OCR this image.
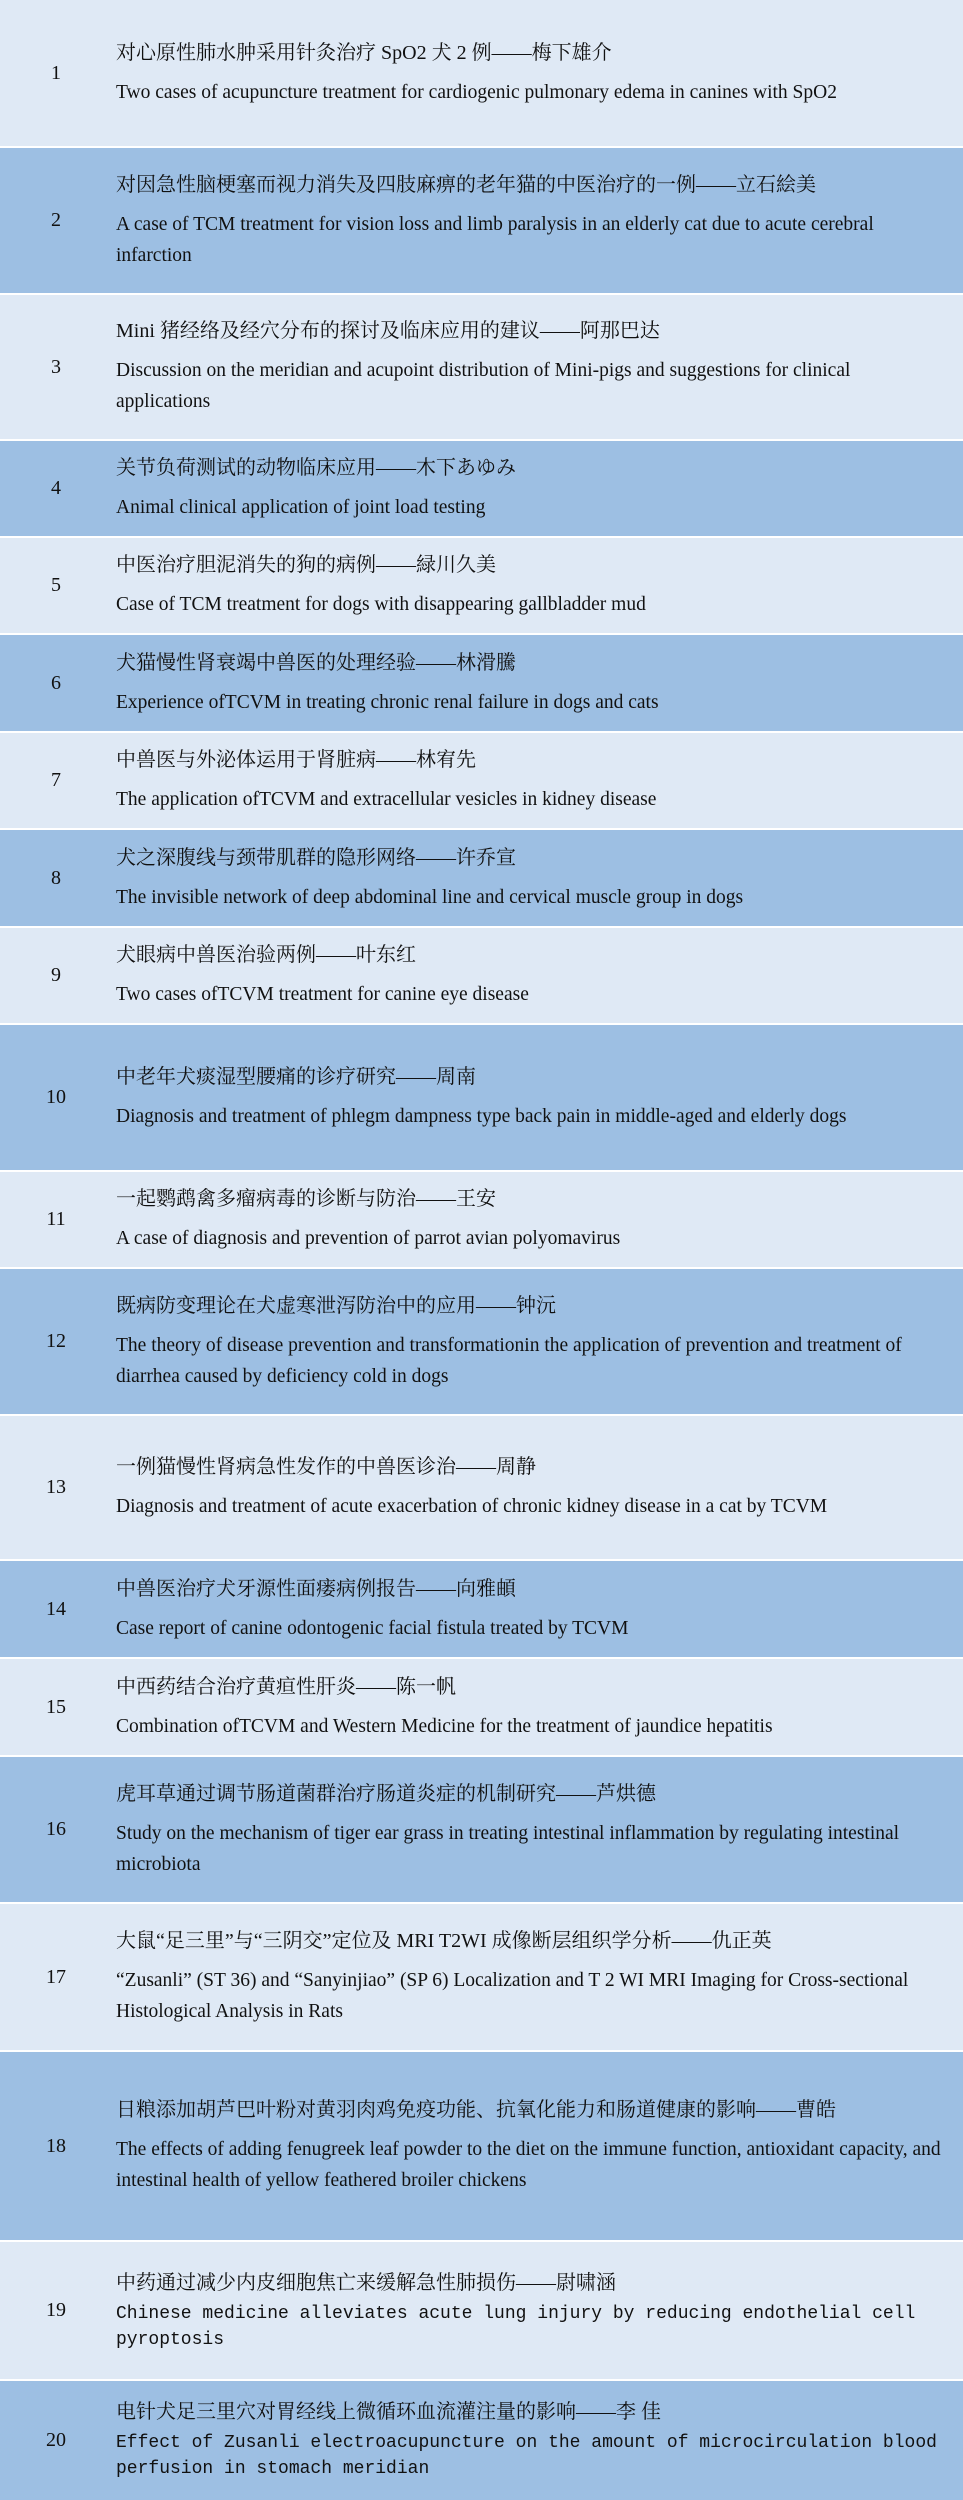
1
对心原性肺水肿采用针灸治疗 SpO2 犬 2 例——梅下雄介
Two cases of acupuncture treatment for cardiogenic pulmonary edema in canines with SpO2
2
对因急性脑梗塞而视力消失及四肢麻痹的老年猫的中医治疗的一例——立石絵美
A case of TCM treatment for vision loss and limb paralysis in an elderly cat due to acute cerebral infarction
3
Mini 猪经络及经穴分布的探讨及临床应用的建议——阿那巴达
Discussion on the meridian and acupoint distribution of Mini-pigs and suggestions for clinical applications
4
关节负荷测试的动物临床应用——木下あゆみ
Animal clinical application of joint load testing
5
中医治疗胆泥消失的狗的病例——緑川久美
Case of TCM treatment for dogs with disappearing gallbladder mud
6
犬猫慢性肾衰竭中兽医的处理经验——林滑騰
Experience ofTCVM in treating chronic renal failure in dogs and cats
7
中兽医与外泌体运用于肾脏病——林宥先
The application ofTCVM and extracellular vesicles in kidney disease
8
犬之深腹线与颈带肌群的隐形网络——许乔宣
The invisible network of deep abdominal line and cervical muscle group in dogs
9
犬眼病中兽医治验两例——叶东红
Two cases ofTCVM treatment for canine eye disease
10
中老年犬痰湿型腰痛的诊疗研究——周南
Diagnosis and treatment of phlegm dampness type back pain in middle-aged and elderly dogs
11
一起鹦鹉禽多瘤病毒的诊断与防治——王安
A case of diagnosis and prevention of parrot avian polyomavirus
12
既病防变理论在犬虚寒泄泻防治中的应用——钟沅
The theory of disease prevention and transformationin the application of prevention and treatment of diarrhea caused by deficiency cold in dogs
13
一例猫慢性肾病急性发作的中兽医诊治——周静
Diagnosis and treatment of acute exacerbation of chronic kidney disease in a cat by TCVM
14
中兽医治疗犬牙源性面瘘病例报告——向雅頔
Case report of canine odontogenic facial fistula treated by TCVM
15
中西药结合治疗黄疸性肝炎——陈一帆
Combination ofTCVM and Western Medicine for the treatment of jaundice hepatitis
16
虎耳草通过调节肠道菌群治疗肠道炎症的机制研究——芦烘德
Study on the mechanism of tiger ear grass in treating intestinal inflammation by regulating intestinal microbiota
17
大鼠“足三里”与“三阴交”定位及 MRI T2WI 成像断层组织学分析——仇正英
“Zusanli” (ST 36) and “Sanyinjiao” (SP 6) Localization and T 2 WI MRI Imaging for Cross-sectional Histological Analysis in Rats
18
日粮添加胡芦巴叶粉对黄羽肉鸡免疫功能、抗氧化能力和肠道健康的影响——曹皓
The effects of adding fenugreek leaf powder to the diet on the immune function, antioxidant capacity, and intestinal health of yellow feathered broiler chickens
19
中药通过减少内皮细胞焦亡来缓解急性肺损伤——尉啸涵
Chinese medicine alleviates acute lung injury by reducing endothelial cell pyroptosis
20
电针犬足三里穴对胃经线上微循环血流灌注量的影响——李 佳
Effect of Zusanli electroacupuncture on the amount of microcirculation blood perfusion in stomach meridian
